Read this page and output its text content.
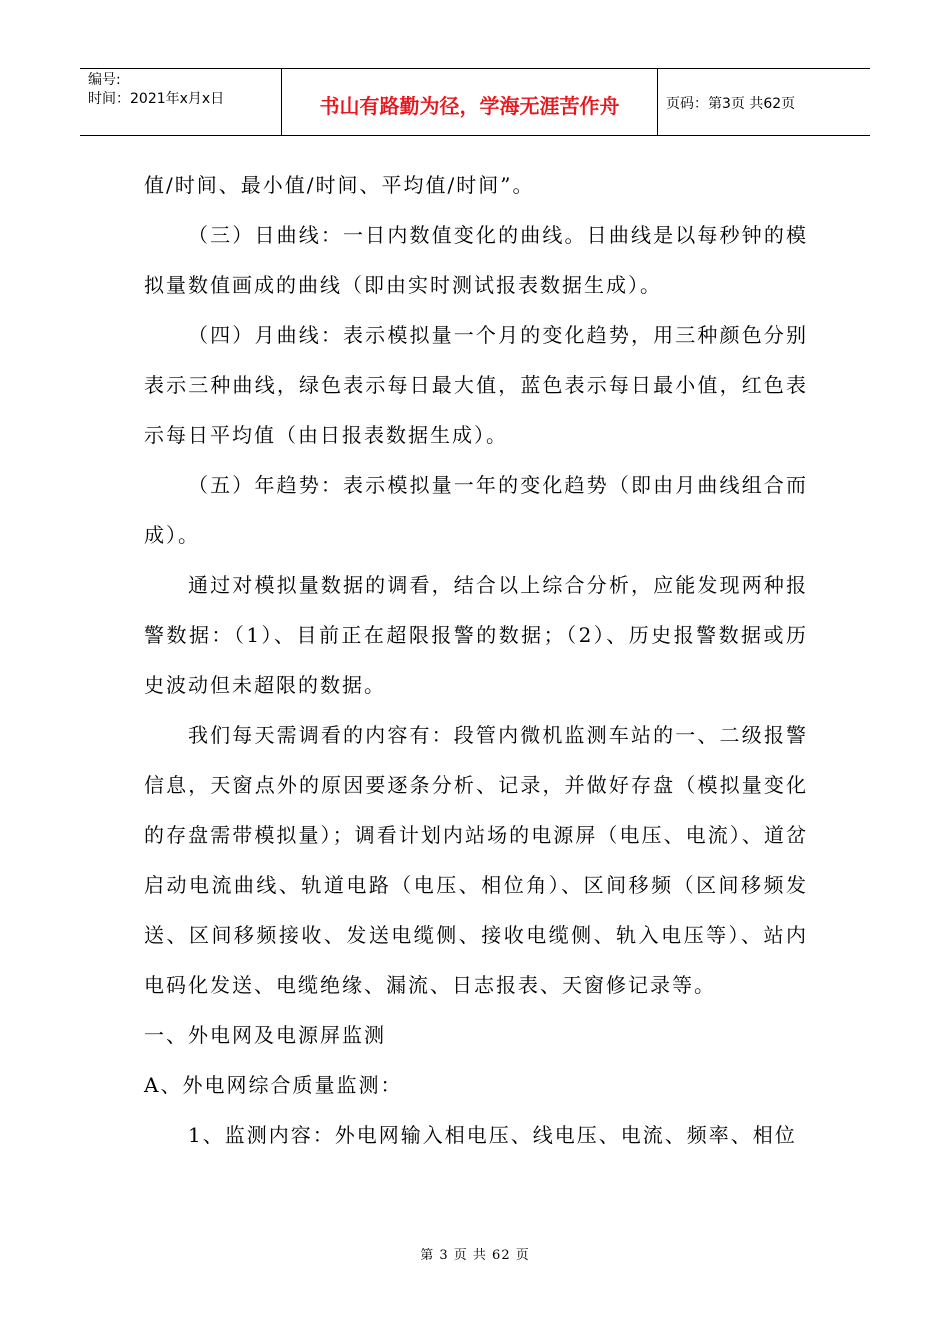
编号:
时间：2021年x月x日	书山有路勤为径，学海无涯苦作舟	页码：第3页 共62页

值/时间、最小值/时间、平均值/时间”。

（三）日曲线：一日内数值变化的曲线。日曲线是以每秒钟的模拟量数值画成的曲线（即由实时测试报表数据生成）。

（四）月曲线：表示模拟量一个月的变化趋势，用三种颜色分别表示三种曲线，绿色表示每日最大值，蓝色表示每日最小值，红色表示每日平均值（由日报表数据生成）。

（五）年趋势：表示模拟量一年的变化趋势（即由月曲线组合而成）。

通过对模拟量数据的调看，结合以上综合分析，应能发现两种报警数据：（1）、目前正在超限报警的数据；（2）、历史报警数据或历史波动但未超限的数据。

我们每天需调看的内容有：段管内微机监测车站的一、二级报警信息，天窗点外的原因要逐条分析、记录，并做好存盘（模拟量变化的存盘需带模拟量）；调看计划内站场的电源屏（电压、电流）、道岔启动电流曲线、轨道电路（电压、相位角）、区间移频（区间移频发送、区间移频接收、发送电缆侧、接收电缆侧、轨入电压等）、站内电码化发送、电缆绝缘、漏流、日志报表、天窗修记录等。

一、外电网及电源屏监测

A、外电网综合质量监测：

1、监测内容：外电网输入相电压、线电压、电流、频率、相位

第 3 页 共 62 页
